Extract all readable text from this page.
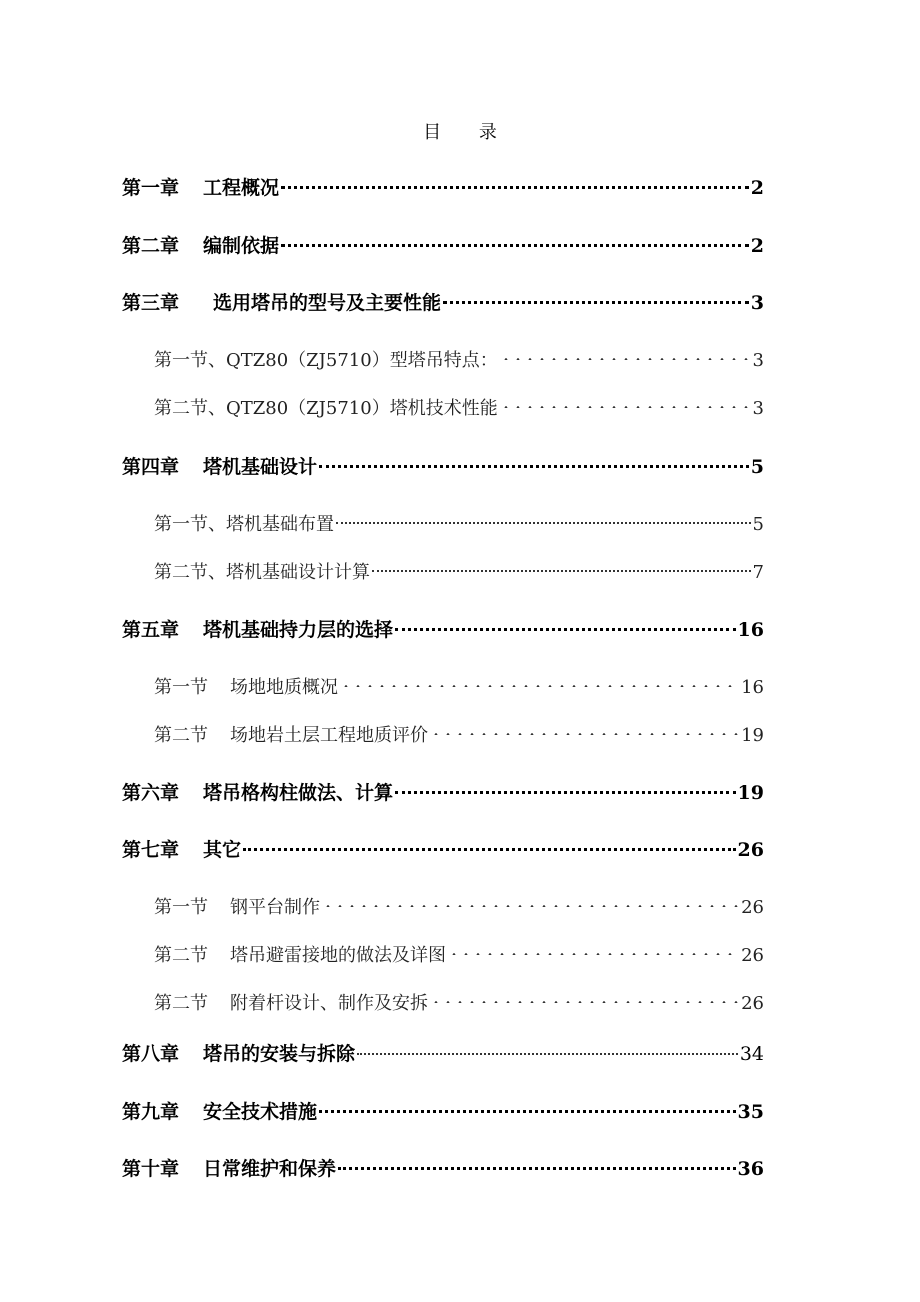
目 录
第一章 工程概况	2
第二章 编制依据	2
第三章 选用塔吊的型号及主要性能	3
第一节、 QTZ80（ZJ5710）型塔吊特点：	3
第二节、 QTZ80（ZJ5710）塔机技术性能	3
第四章 塔机基础设计	5
第一节、 塔机基础布置	5
第二节、 塔机基础设计计算	7
第五章 塔机基础持力层的选择	16
第一节 场地地质概况	16
第二节 场地岩土层工程地质评价	19
第六章 塔吊格构柱做法、计算	19
第七章 其它	26
第一节 钢平台制作	26
第二节 塔吊避雷接地的做法及详图	26
第二节 附着杆设计、制作及安拆	26
第八章 塔吊的安装与拆除	34
第九章 安全技术措施	35
第十章 日常维护和保养	36
